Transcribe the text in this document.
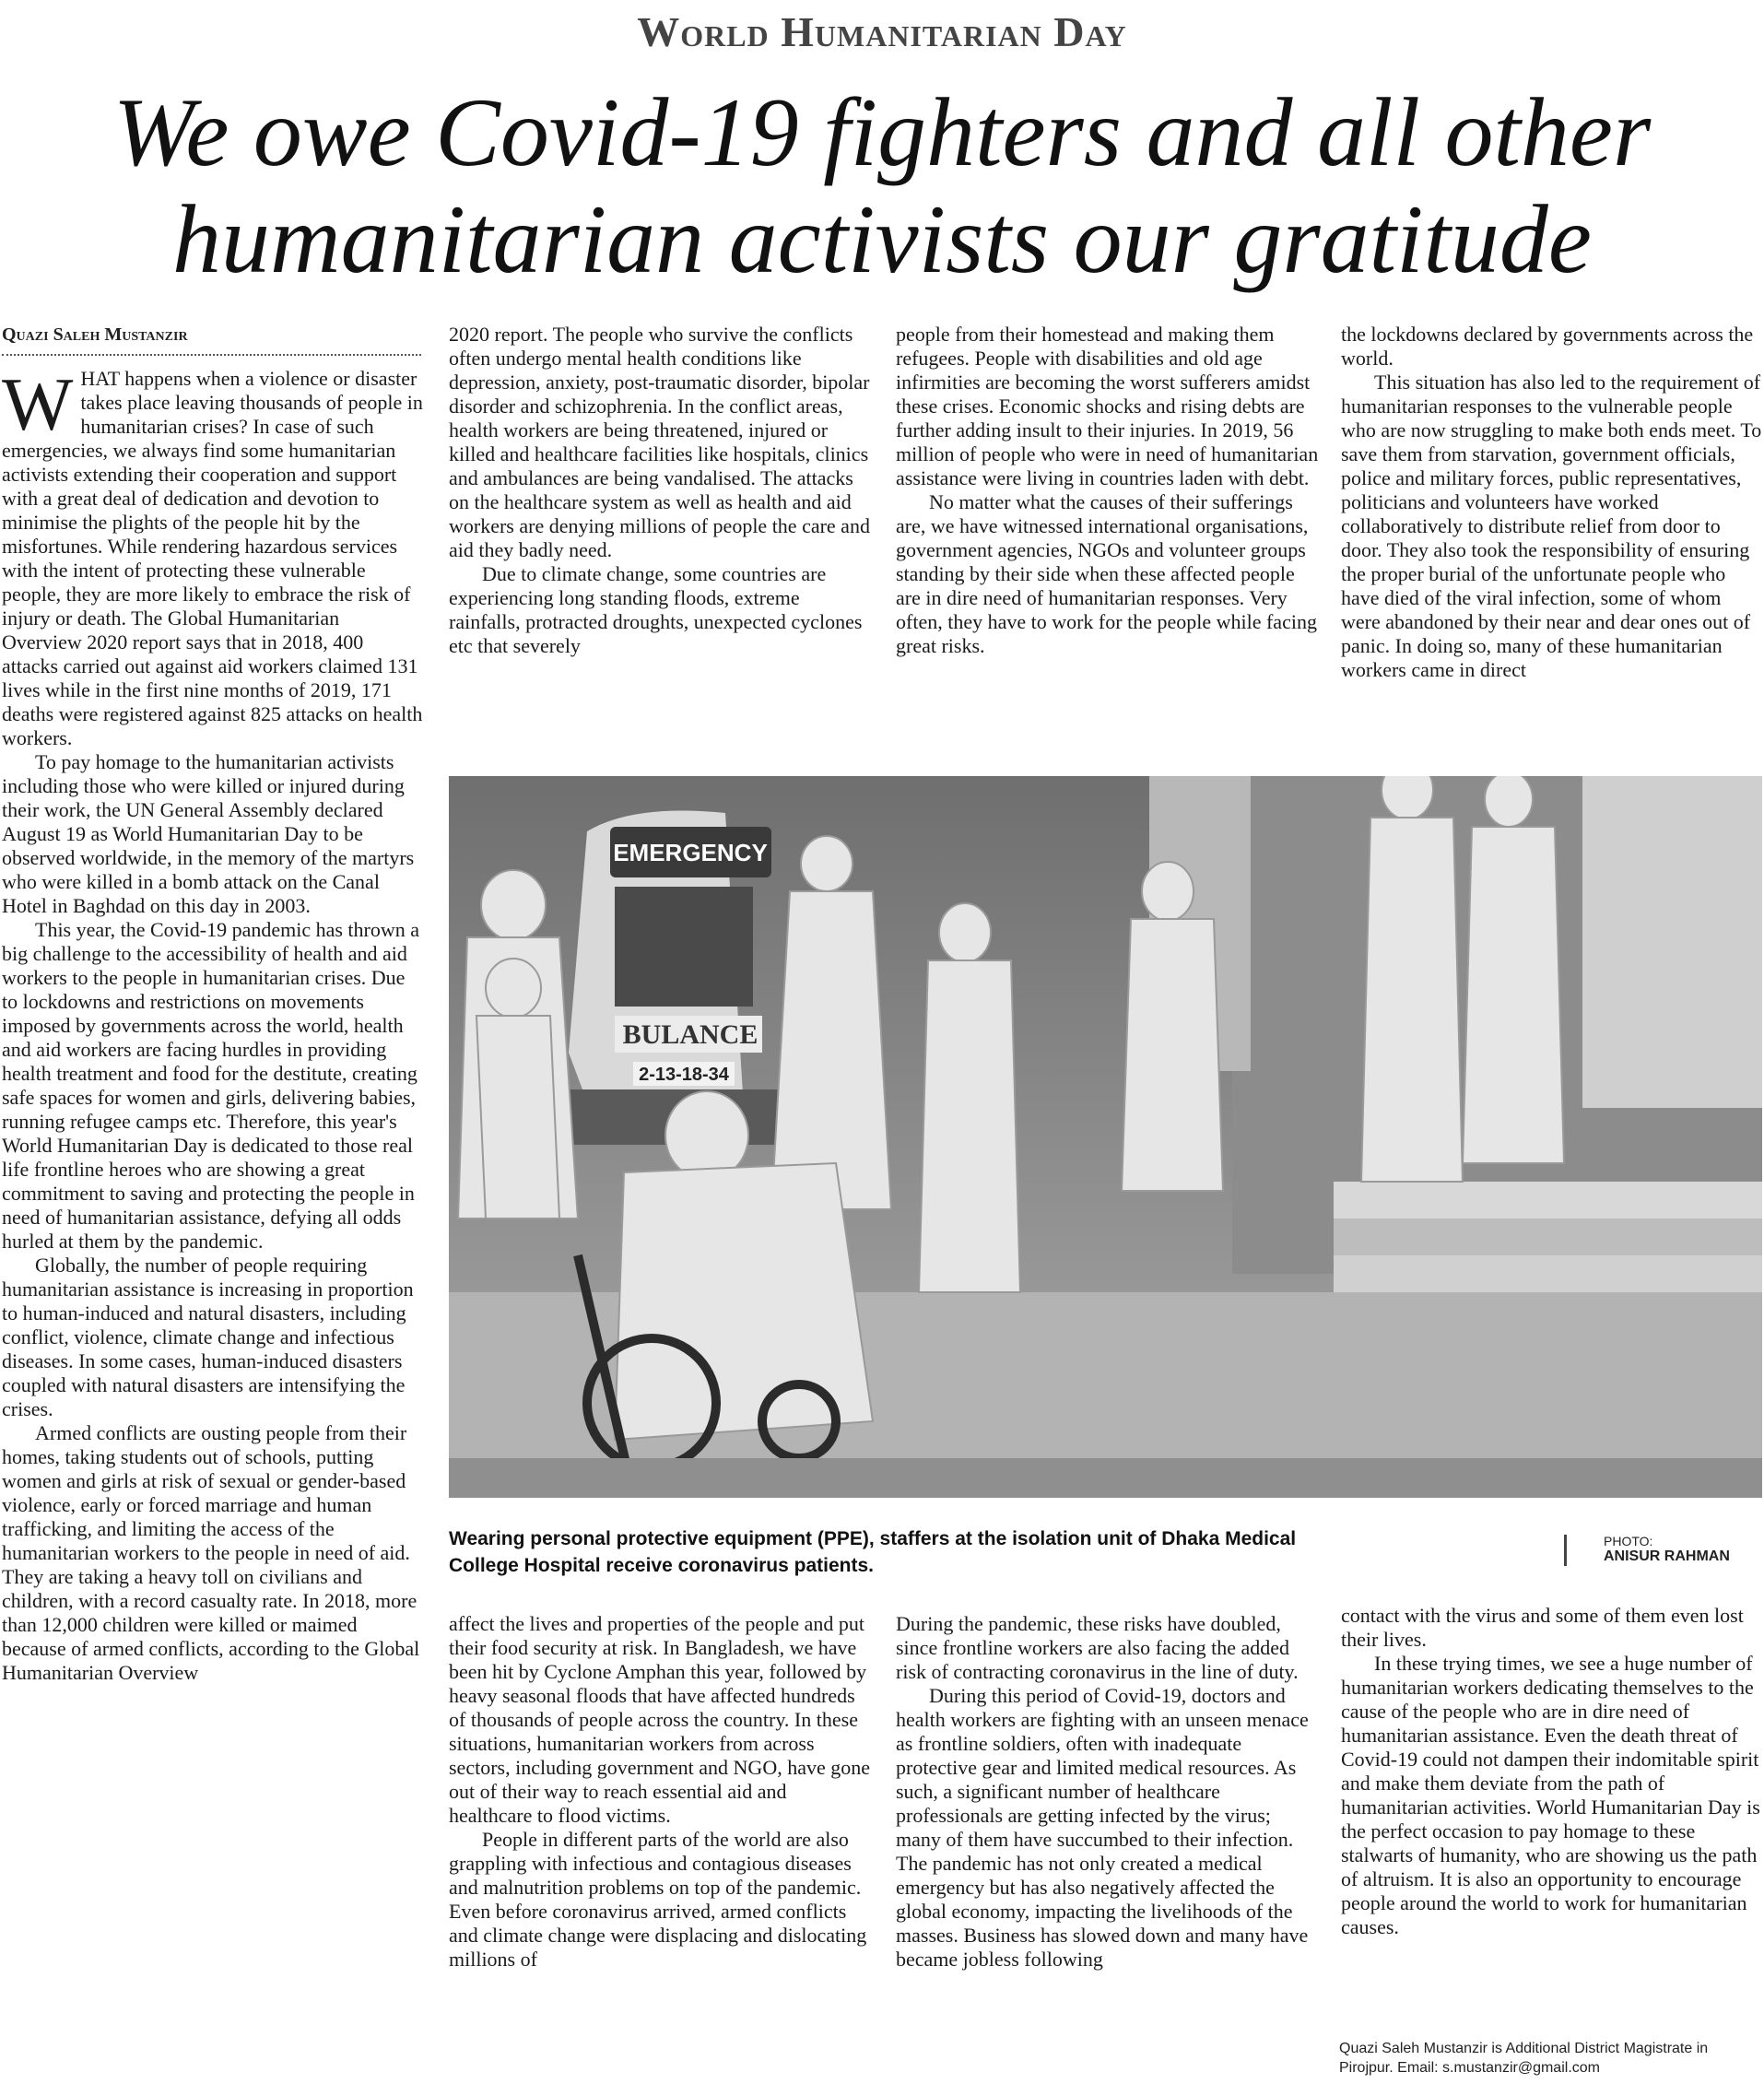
World Humanitarian Day
We owe Covid-19 fighters and all other humanitarian activists our gratitude
Quazi Saleh Mustanzir

WHAT happens when a violence or disaster takes place leaving thousands of people in humanitarian crises? In case of such emergencies, we always find some humanitarian activists extending their cooperation and support with a great deal of dedication and devotion to minimise the plights of the people hit by the misfortunes. While rendering hazardous services with the intent of protecting these vulnerable people, they are more likely to embrace the risk of injury or death. The Global Humanitarian Overview 2020 report says that in 2018, 400 attacks carried out against aid workers claimed 131 lives while in the first nine months of 2019, 171 deaths were registered against 825 attacks on health workers.

To pay homage to the humanitarian activists including those who were killed or injured during their work, the UN General Assembly declared August 19 as World Humanitarian Day to be observed worldwide, in the memory of the martyrs who were killed in a bomb attack on the Canal Hotel in Baghdad on this day in 2003.

This year, the Covid-19 pandemic has thrown a big challenge to the accessibility of health and aid workers to the people in humanitarian crises. Due to lockdowns and restrictions on movements imposed by governments across the world, health and aid workers are facing hurdles in providing health treatment and food for the destitute, creating safe spaces for women and girls, delivering babies, running refugee camps etc. Therefore, this year's World Humanitarian Day is dedicated to those real life frontline heroes who are showing a great commitment to saving and protecting the people in need of humanitarian assistance, defying all odds hurled at them by the pandemic.

Globally, the number of people requiring humanitarian assistance is increasing in proportion to human-induced and natural disasters, including conflict, violence, climate change and infectious diseases. In some cases, human-induced disasters coupled with natural disasters are intensifying the crises.

Armed conflicts are ousting people from their homes, taking students out of schools, putting women and girls at risk of sexual or gender-based violence, early or forced marriage and human trafficking, and limiting the access of the humanitarian workers to the people in need of aid. They are taking a heavy toll on civilians and children, with a record casualty rate. In 2018, more than 12,000 children were killed or maimed because of armed conflicts, according to the Global Humanitarian Overview

2020 report. The people who survive the conflicts often undergo mental health conditions like depression, anxiety, post-traumatic disorder, bipolar disorder and schizophrenia. In the conflict areas, health workers are being threatened, injured or killed and healthcare facilities like hospitals, clinics and ambulances are being vandalised. The attacks on the healthcare system as well as health and aid workers are denying millions of people the care and aid they badly need.

Due to climate change, some countries are experiencing long standing floods, extreme rainfalls, protracted droughts, unexpected cyclones etc that severely

people from their homestead and making them refugees. People with disabilities and old age infirmities are becoming the worst sufferers amidst these crises. Economic shocks and rising debts are further adding insult to their injuries. In 2019, 56 million of people who were in need of humanitarian assistance were living in countries laden with debt.

No matter what the causes of their sufferings are, we have witnessed international organisations, government agencies, NGOs and volunteer groups standing by their side when these affected people are in dire need of humanitarian responses. Very often, they have to work for the people while facing great risks.

the lockdowns declared by governments across the world.

This situation has also led to the requirement of humanitarian responses to the vulnerable people who are now struggling to make both ends meet. To save them from starvation, government officials, police and military forces, public representatives, politicians and volunteers have worked collaboratively to distribute relief from door to door. They also took the responsibility of ensuring the proper burial of the unfortunate people who have died of the viral infection, some of whom were abandoned by their near and dear ones out of panic. In doing so, many of these humanitarian workers came in direct

EMERGENCY
BULANCE
2-13-18-34
Wearing personal protective equipment (PPE), staffers at the isolation unit of Dhaka Medical College Hospital receive coronavirus patients.
PHOTO:
ANISUR RAHMAN

affect the lives and properties of the people and put their food security at risk. In Bangladesh, we have been hit by Cyclone Amphan this year, followed by heavy seasonal floods that have affected hundreds of thousands of people across the country. In these situations, humanitarian workers from across sectors, including government and NGO, have gone out of their way to reach essential aid and healthcare to flood victims.

People in different parts of the world are also grappling with infectious and contagious diseases and malnutrition problems on top of the pandemic. Even before coronavirus arrived, armed conflicts and climate change were displacing and dislocating millions of

During the pandemic, these risks have doubled, since frontline workers are also facing the added risk of contracting coronavirus in the line of duty.

During this period of Covid-19, doctors and health workers are fighting with an unseen menace as frontline soldiers, often with inadequate protective gear and limited medical resources. As such, a significant number of healthcare professionals are getting infected by the virus; many of them have succumbed to their infection. The pandemic has not only created a medical emergency but has also negatively affected the global economy, impacting the livelihoods of the masses. Business has slowed down and many have became jobless following

contact with the virus and some of them even lost their lives.

In these trying times, we see a huge number of humanitarian workers dedicating themselves to the cause of the people who are in dire need of humanitarian assistance. Even the death threat of Covid-19 could not dampen their indomitable spirit and make them deviate from the path of humanitarian activities. World Humanitarian Day is the perfect occasion to pay homage to these stalwarts of humanity, who are showing us the path of altruism. It is also an opportunity to encourage people around the world to work for humanitarian causes.

Quazi Saleh Mustanzir is Additional District Magistrate in Pirojpur. Email: s.mustanzir@gmail.com
